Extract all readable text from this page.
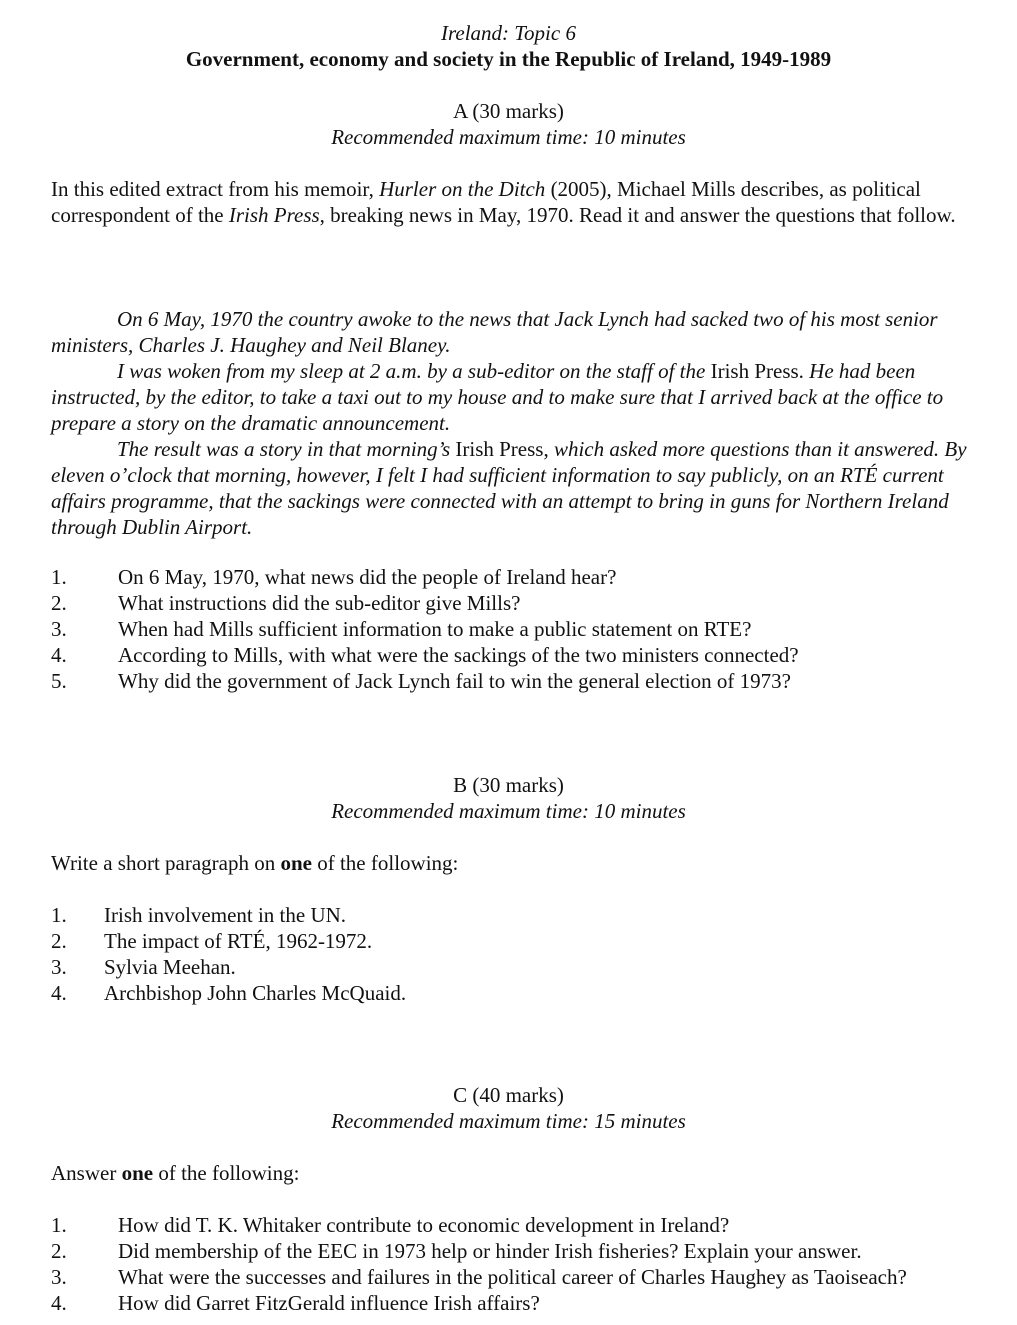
Ireland: Topic 6
Government, economy and society in the Republic of Ireland, 1949-1989
A (30 marks)
Recommended maximum time: 10 minutes
In this edited extract from his memoir, Hurler on the Ditch (2005), Michael Mills describes, as political correspondent of the Irish Press, breaking news in May, 1970. Read it and answer the questions that follow.
On 6 May, 1970 the country awoke to the news that Jack Lynch had sacked two of his most senior ministers, Charles J. Haughey and Neil Blaney.
I was woken from my sleep at 2 a.m. by a sub-editor on the staff of the Irish Press. He had been instructed, by the editor, to take a taxi out to my house and to make sure that I arrived back at the office to prepare a story on the dramatic announcement.
The result was a story in that morning’s Irish Press, which asked more questions than it answered. By eleven o’clock that morning, however, I felt I had sufficient information to say publicly, on an RTÉ current affairs programme, that the sackings were connected with an attempt to bring in guns for Northern Ireland through Dublin Airport.
1. On 6 May, 1970, what news did the people of Ireland hear?
2. What instructions did the sub-editor give Mills?
3. When had Mills sufficient information to make a public statement on RTE?
4. According to Mills, with what were the sackings of the two ministers connected?
5. Why did the government of Jack Lynch fail to win the general election of 1973?
B (30 marks)
Recommended maximum time: 10 minutes
Write a short paragraph on one of the following:
1. Irish involvement in the UN.
2. The impact of RTÉ, 1962-1972.
3. Sylvia Meehan.
4. Archbishop John Charles McQuaid.
C (40 marks)
Recommended maximum time: 15 minutes
Answer one of the following:
1. How did T. K. Whitaker contribute to economic development in Ireland?
2. Did membership of the EEC in 1973 help or hinder Irish fisheries? Explain your answer.
3. What were the successes and failures in the political career of Charles Haughey as Taoiseach?
4. How did Garret FitzGerald influence Irish affairs?
